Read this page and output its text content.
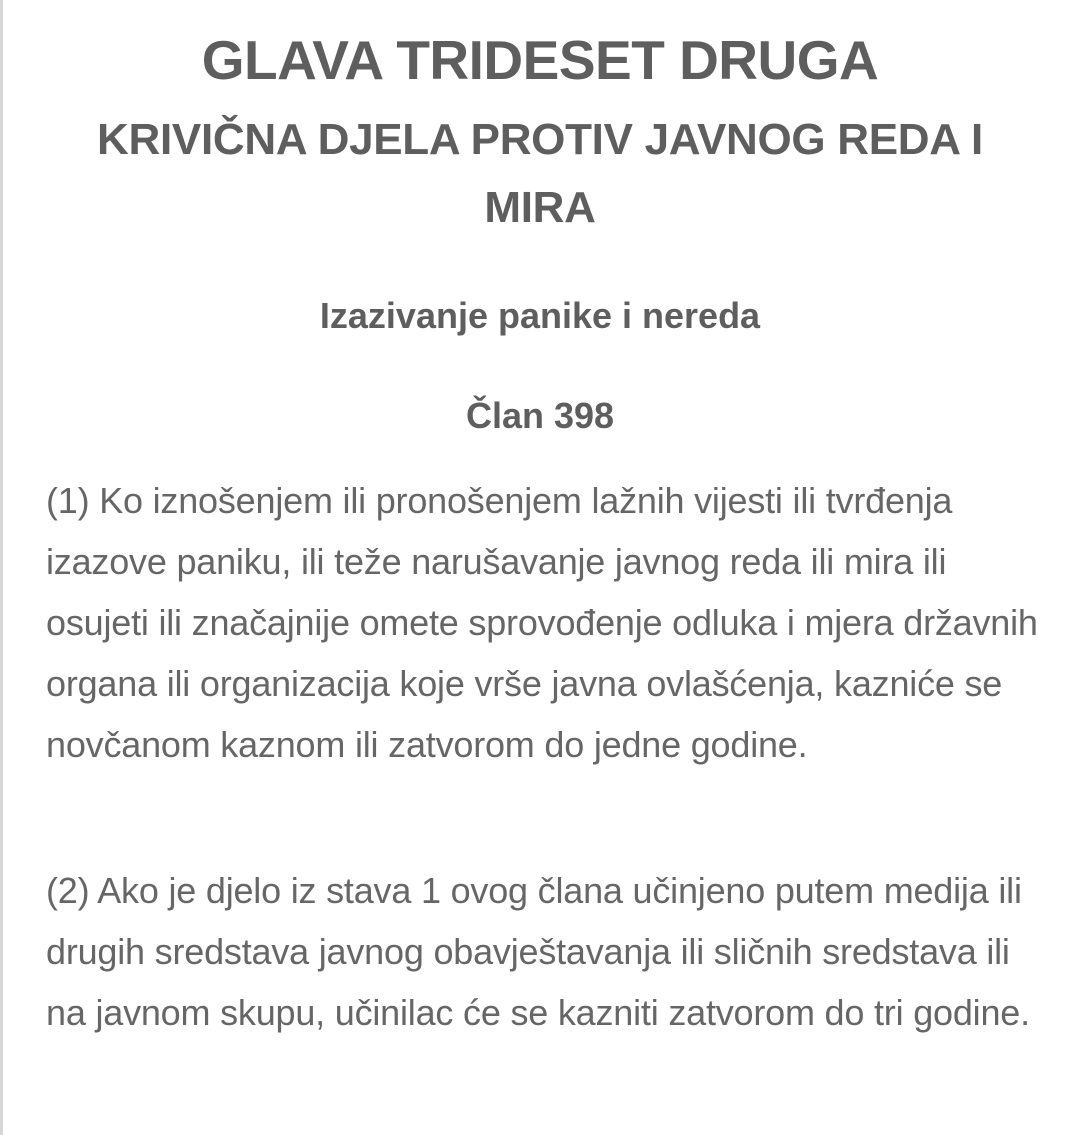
GLAVA TRIDESET DRUGA
KRIVIČNA DJELA PROTIV JAVNOG REDA I MIRA
Izazivanje panike i nereda
Član 398

(1) Ko iznošenjem ili pronošenjem lažnih vijesti ili tvrđenja izazove paniku, ili teže narušavanje javnog reda ili mira ili osujeti ili značajnije omete sprovođenje odluka i mjera državnih organa ili organizacija koje vrše javna ovlašćenja, kazniće se novčanom kaznom ili zatvorom do jedne godine.

(2) Ako je djelo iz stava 1 ovog člana učinjeno putem medija ili drugih sredstava javnog obavještavanja ili sličnih sredstava ili na javnom skupu, učinilac će se kazniti zatvorom do tri godine.
